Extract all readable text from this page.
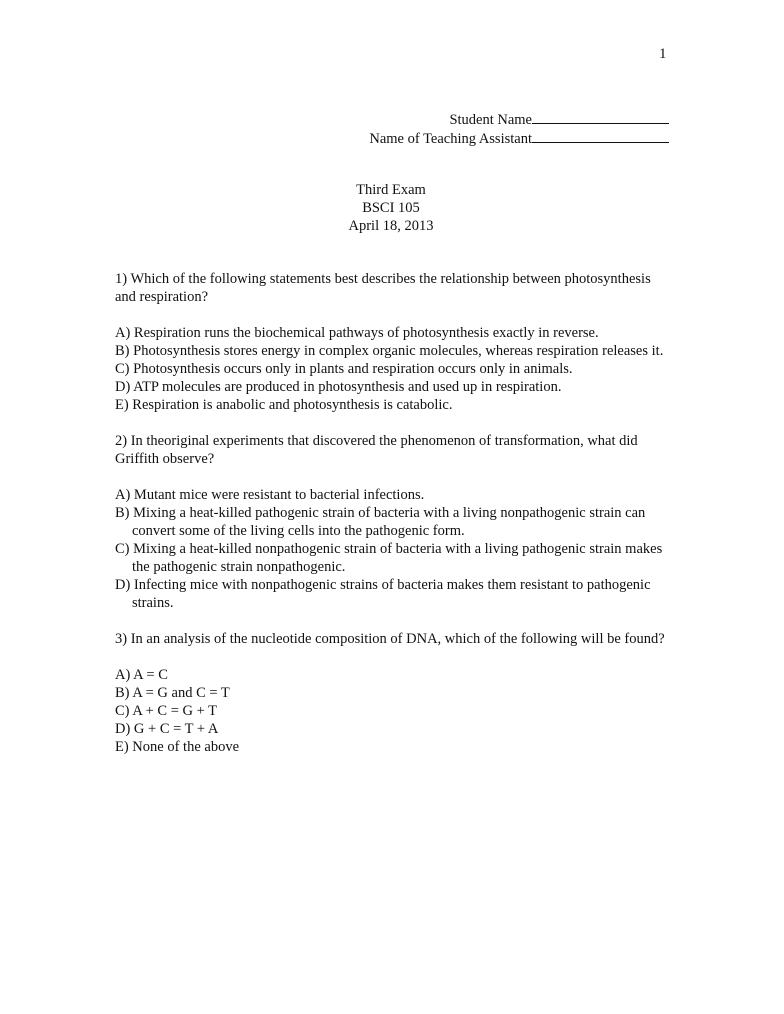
1
Student Name
Name of Teaching Assistant
Third Exam
BSCI 105
April 18, 2013
1) Which of the following statements best describes the relationship between photosynthesis and respiration?
A) Respiration runs the biochemical pathways of photosynthesis exactly in reverse.
B) Photosynthesis stores energy in complex organic molecules, whereas respiration releases it.
C) Photosynthesis occurs only in plants and respiration occurs only in animals.
D) ATP molecules are produced in photosynthesis and used up in respiration.
E) Respiration is anabolic and photosynthesis is catabolic.
2) In theoriginal experiments that discovered the phenomenon of transformation, what did Griffith observe?
A) Mutant mice were resistant to bacterial infections.
B) Mixing a heat-killed pathogenic strain of bacteria with a living nonpathogenic strain can convert some of the living cells into the pathogenic form.
C) Mixing a heat-killed nonpathogenic strain of bacteria with a living pathogenic strain makes the pathogenic strain nonpathogenic.
D) Infecting mice with nonpathogenic strains of bacteria makes them resistant to pathogenic strains.
3) In an analysis of the nucleotide composition of DNA, which of the following will be found?
A) A = C
B) A = G and C = T
C) A + C = G + T
D) G + C = T + A
E) None of the above
